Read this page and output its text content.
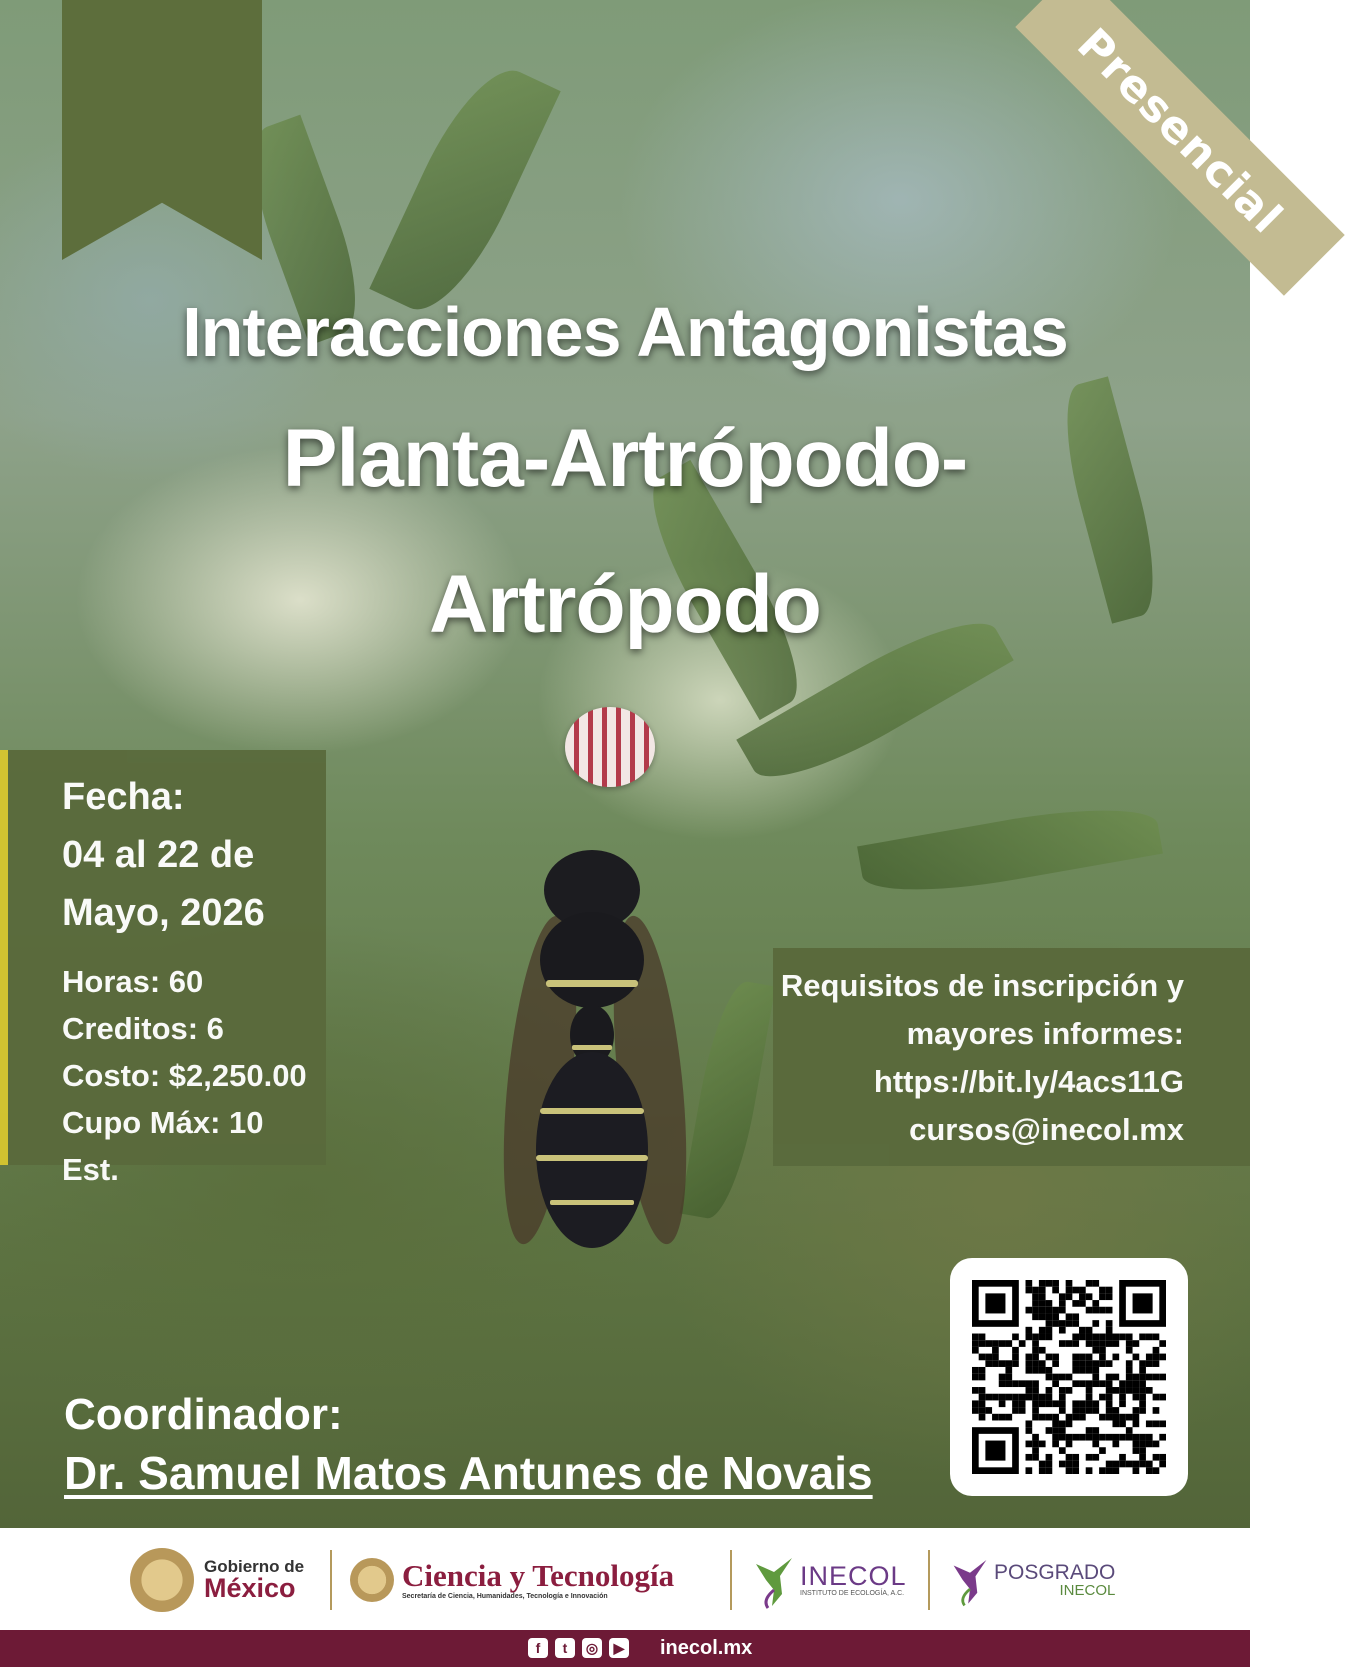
Presencial
Interacciones Antagonistas
Planta-Artrópodo-
Artrópodo
Fecha:
04 al 22 de
Mayo, 2026
Horas: 60
Creditos: 6
Costo: $2,250.00
Cupo Máx: 10 Est.
Requisitos de inscripción y
mayores informes:
https://bit.ly/4acs11G
cursos@inecol.mx
Coordinador:
Dr. Samuel Matos Antunes de Novais
Gobierno de
México	Ciencia y Tecnología
Secretaría de Ciencia, Humanidades, Tecnología e Innovación
INECOL
INSTITUTO DE ECOLOGÍA, A.C.
POSGRADO
INECOL
f	t	◎	▶ inecol.mx
